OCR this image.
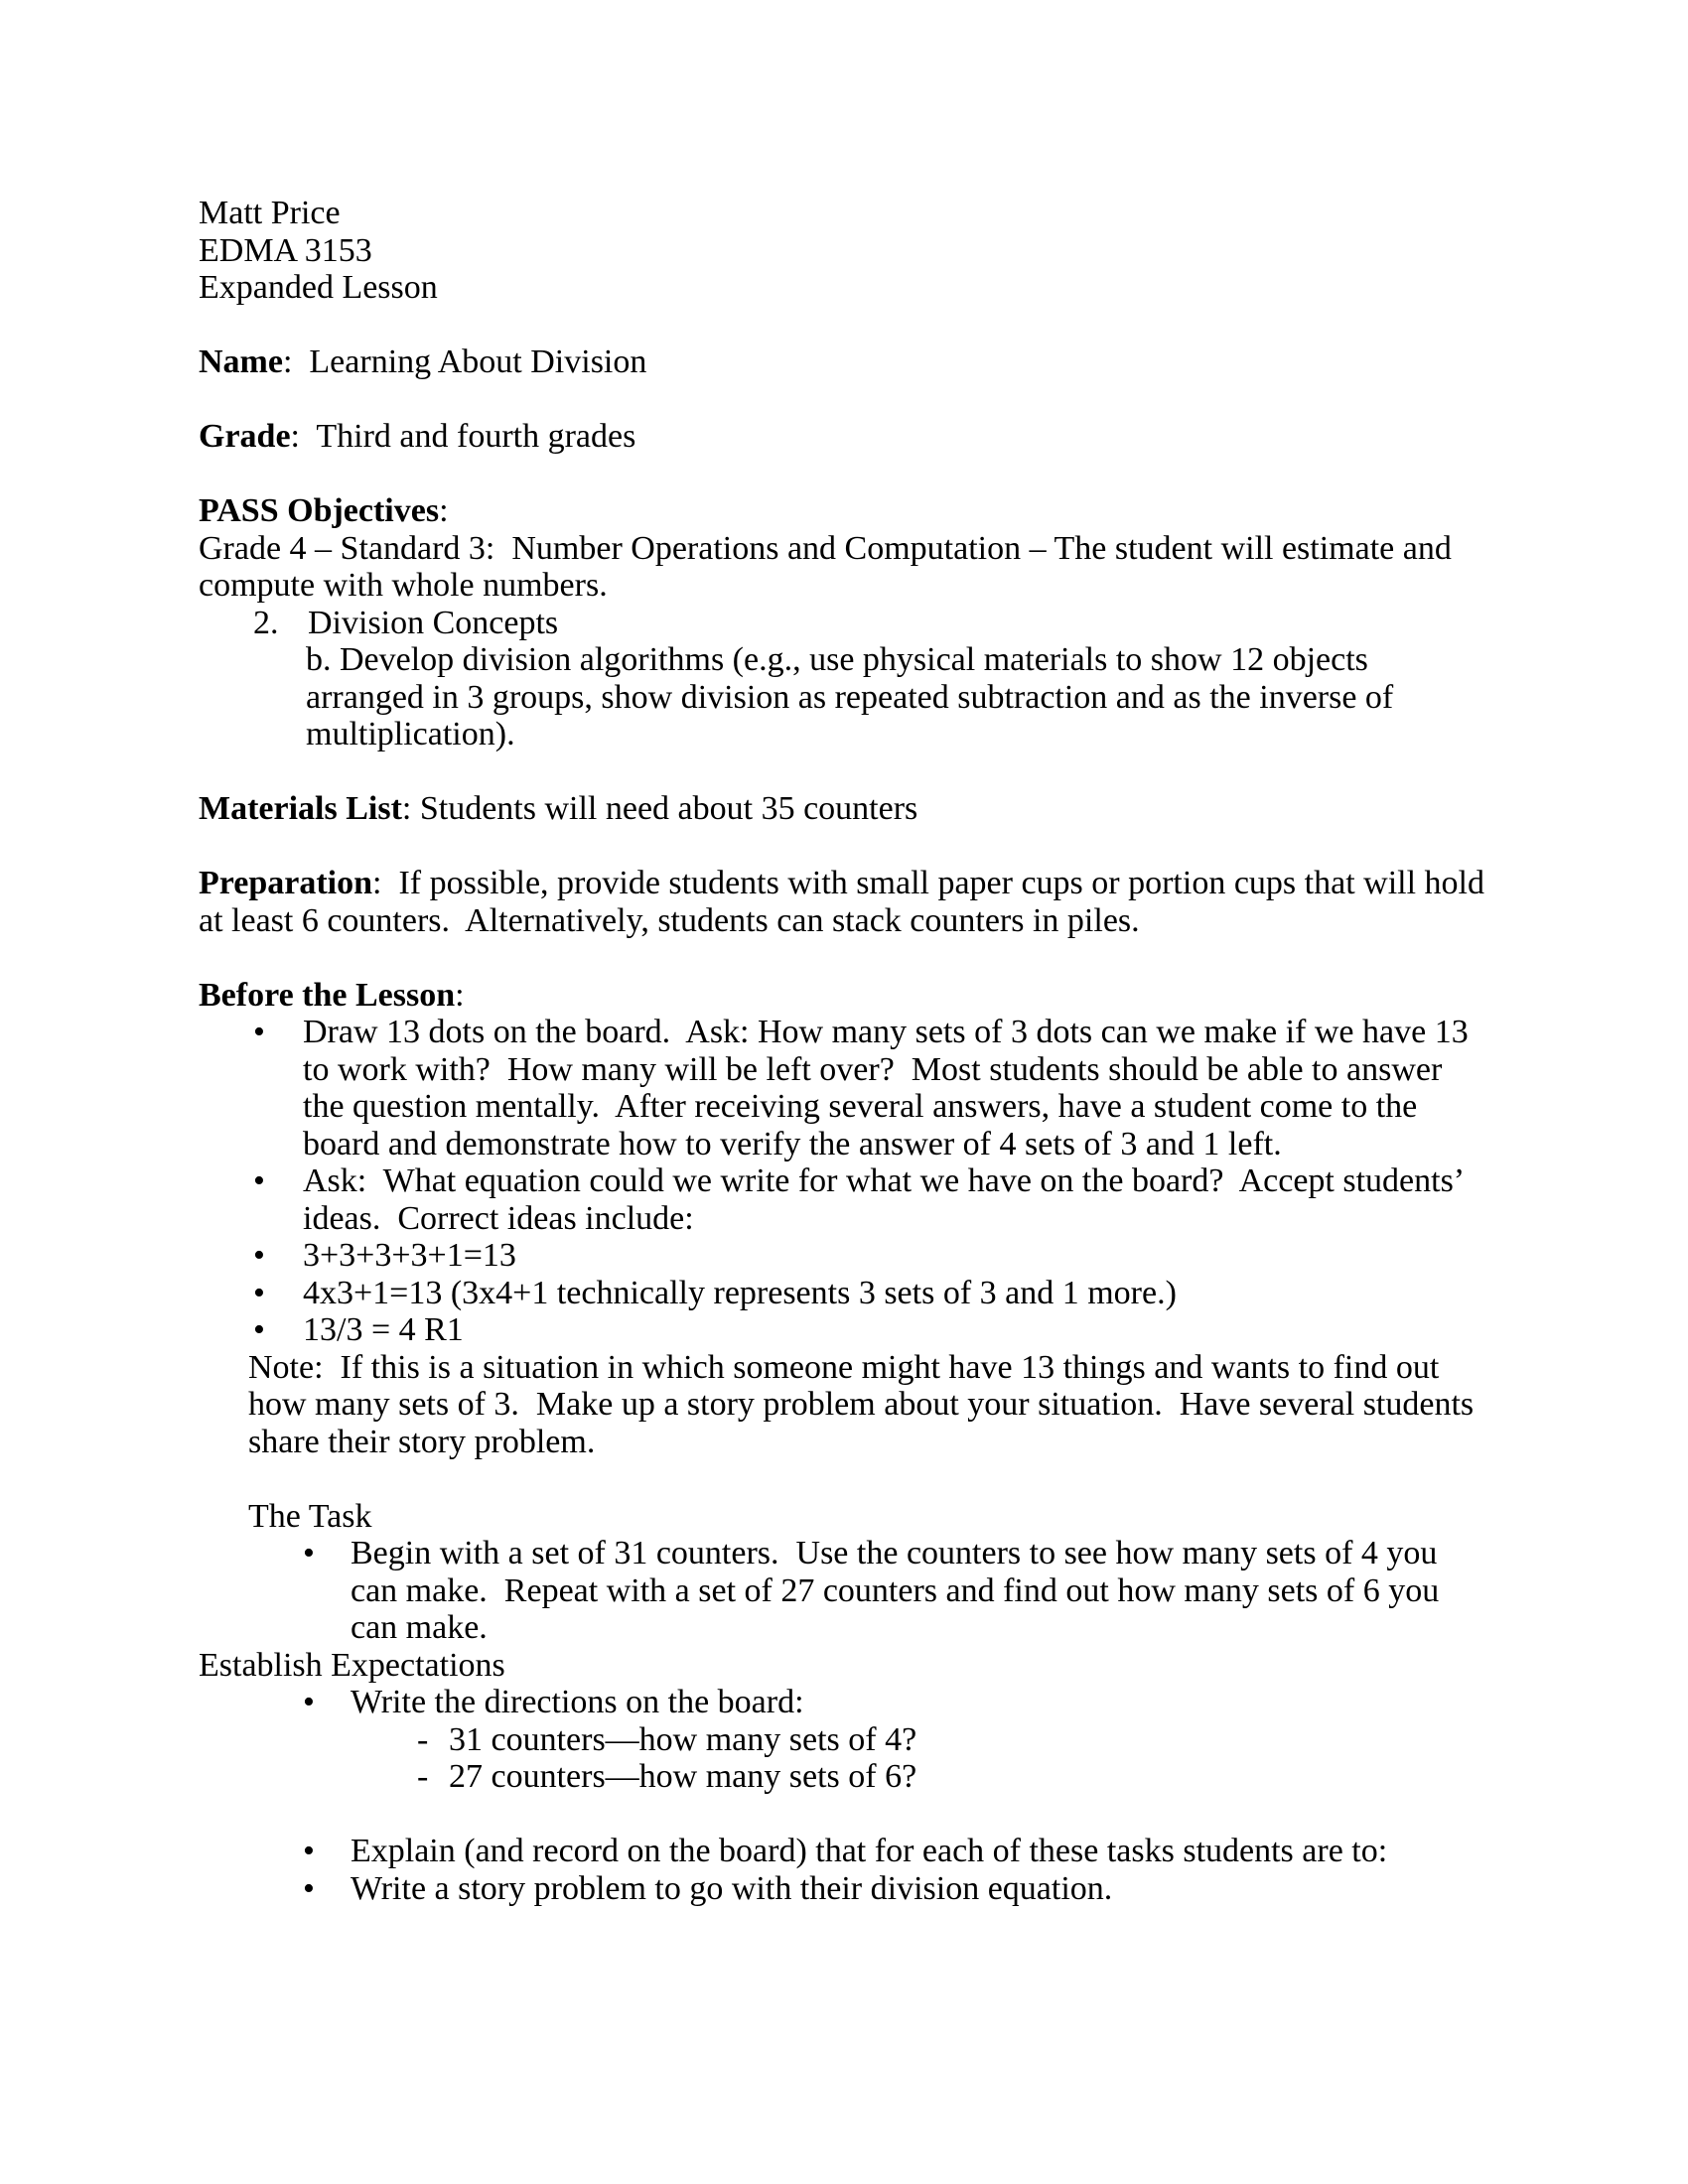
Matt Price

EDMA 3153

Expanded Lesson

Name:  Learning About Division

Grade:  Third and fourth grades

PASS Objectives:

Grade 4 – Standard 3:  Number Operations and Computation – The student will estimate and compute with whole numbers.

2. Division Concepts

b. Develop division algorithms (e.g., use physical materials to show 12 objects arranged in 3 groups, show division as repeated subtraction and as the inverse of multiplication).

Materials List: Students will need about 35 counters

Preparation:  If possible, provide students with small paper cups or portion cups that will hold at least 6 counters.  Alternatively, students can stack counters in piles.

Before the Lesson:

• Draw 13 dots on the board.  Ask: How many sets of 3 dots can we make if we have 13 to work with?  How many will be left over?  Most students should be able to answer the question mentally.  After receiving several answers, have a student come to the board and demonstrate how to verify the answer of 4 sets of 3 and 1 left.
• Ask:  What equation could we write for what we have on the board?  Accept students’ ideas.  Correct ideas include:
• 3+3+3+3+1=13
• 4x3+1=13 (3x4+1 technically represents 3 sets of 3 and 1 more.)
• 13/3 = 4 R1

Note:  If this is a situation in which someone might have 13 things and wants to find out how many sets of 3.  Make up a story problem about your situation.  Have several students share their story problem.

The Task

• Begin with a set of 31 counters.  Use the counters to see how many sets of 4 you can make.  Repeat with a set of 27 counters and find out how many sets of 6 you can make.

Establish Expectations

• Write the directions on the board:
- 31 counters—how many sets of 4?
- 27 counters—how many sets of 6?
• Explain (and record on the board) that for each of these tasks students are to:
• Write a story problem to go with their division equation.
